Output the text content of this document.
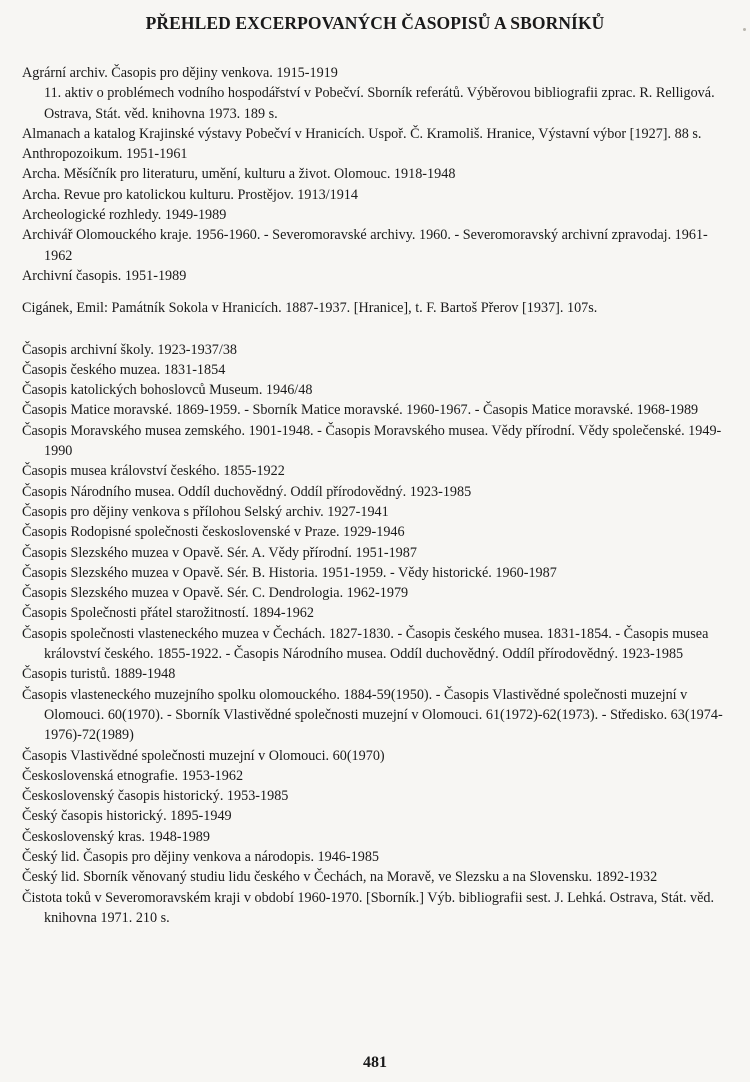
PŘEHLED EXCERPOVANÝCH ČASOPISŮ A SBORNÍKŮ
Agrární archiv. Časopis pro dějiny venkova. 1915-1919
11. aktiv o problémech vodního hospodářství v Pobečví. Sborník referátů. Výběrovou bibliografii zprac. R. Relligová. Ostrava, Stát. věd. knihovna 1973. 189 s.
Almanach a katalog Krajinské výstavy Pobečví v Hranicích. Uspoř. Č. Kramoliš. Hranice, Výstavní výbor [1927]. 88 s.
Anthropozoikum. 1951-1961
Archa. Měsíčník pro literaturu, umění, kulturu a život. Olomouc. 1918-1948
Archa. Revue pro katolickou kulturu. Prostějov. 1913/1914
Archeologické rozhledy. 1949-1989
Archivář Olomouckého kraje. 1956-1960. - Severomoravské archivy. 1960. - Severomoravský archivní zpravodaj. 1961-1962
Archivní časopis. 1951-1989
Cigánek, Emil: Památník Sokola v Hranicích. 1887-1937. [Hranice], t. F. Bartoš Přerov [1937]. 107s.
Časopis archivní školy. 1923-1937/38
Časopis českého muzea. 1831-1854
Časopis katolických bohoslovců Museum. 1946/48
Časopis Matice moravské. 1869-1959. - Sborník Matice moravské. 1960-1967. - Časopis Matice moravské. 1968-1989
Časopis Moravského musea zemského. 1901-1948. - Časopis Moravského musea. Vědy přírodní. Vědy společenské. 1949-1990
Časopis musea království českého. 1855-1922
Časopis Národního musea. Oddíl duchovědný. Oddíl přírodovědný. 1923-1985
Časopis pro dějiny venkova s přílohou Selský archiv. 1927-1941
Časopis Rodopisné společnosti československé v Praze. 1929-1946
Časopis Slezského muzea v Opavě. Sér. A. Vědy přírodní. 1951-1987
Časopis Slezského muzea v Opavě. Sér. B. Historia. 1951-1959. - Vědy historické. 1960-1987
Časopis Slezského muzea v Opavě. Sér. C. Dendrologia. 1962-1979
Časopis Společnosti přátel starožitností. 1894-1962
Časopis společnosti vlasteneckého muzea v Čechách. 1827-1830. - Časopis českého musea. 1831-1854. - Časopis musea království českého. 1855-1922. - Časopis Národního musea. Oddíl duchovědný. Oddíl přírodovědný. 1923-1985
Časopis turistů. 1889-1948
Časopis vlasteneckého muzejního spolku olomouckého. 1884-59(1950). - Časopis Vlastivědné společnosti muzejní v Olomouci. 60(1970). - Sborník Vlastivědné společnosti muzejní v Olomouci. 61(1972)-62(1973). - Středisko. 63(1974-1976)-72(1989)
Časopis Vlastivědné společnosti muzejní v Olomouci. 60(1970)
Československá etnografie. 1953-1962
Československý časopis historický. 1953-1985
Český časopis historický. 1895-1949
Československý kras. 1948-1989
Český lid. Časopis pro dějiny venkova a národopis. 1946-1985
Český lid. Sborník věnovaný studiu lidu českého v Čechách, na Moravě, ve Slezsku a na Slovensku. 1892-1932
Čistota toků v Severomoravském kraji v období 1960-1970. [Sborník.] Výb. bibliografii sest. J. Lehká. Ostrava, Stát. věd. knihovna 1971. 210 s.
481
